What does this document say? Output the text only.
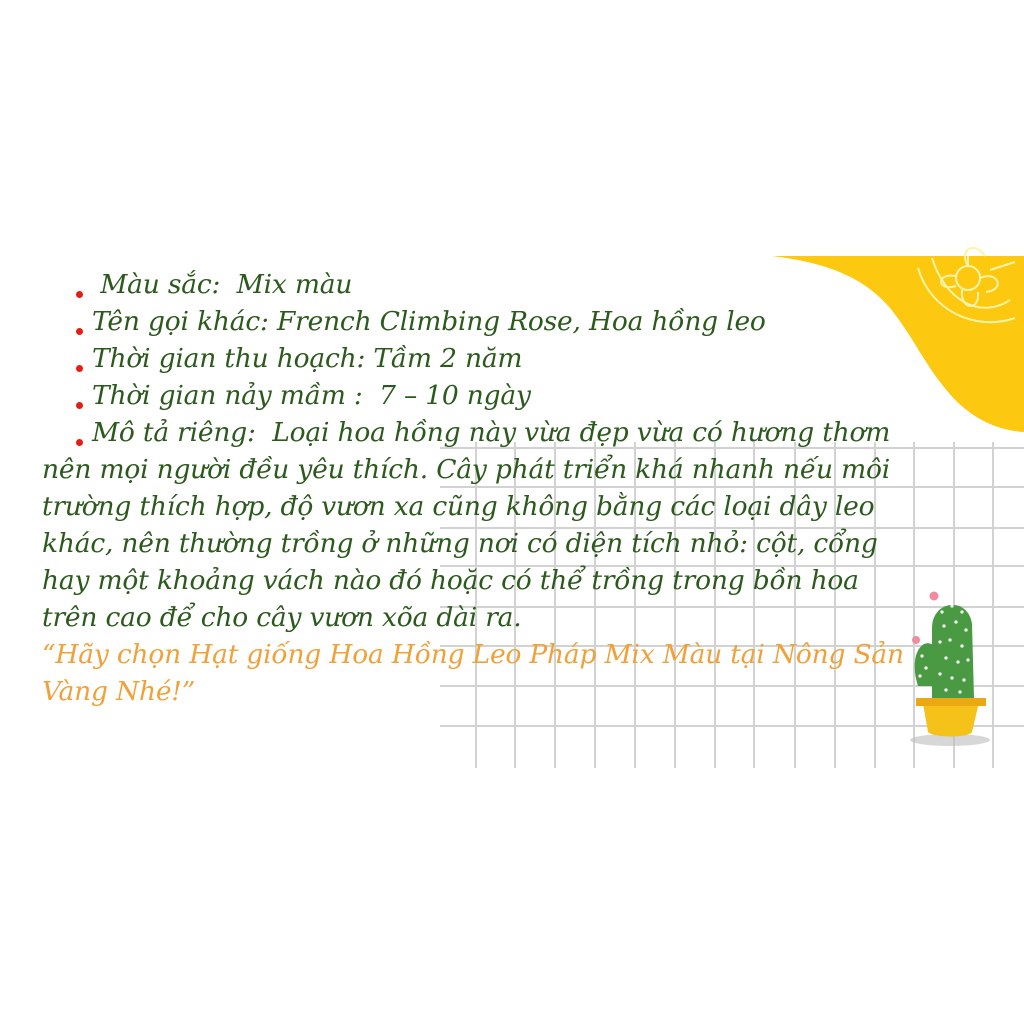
Màu sắc:  Mix màu
Tên gọi khác: French Climbing Rose, Hoa hồng leo
Thời gian thu hoạch: Tầm 2 năm
Thời gian nảy mầm :  7 – 10 ngày
Mô tả riêng:  Loại hoa hồng này vừa đẹp vừa có hương thơm
nên mọi người đều yêu thích. Cây phát triển khá nhanh nếu môi
trường thích hợp, độ vươn xa cũng không bằng các loại dây leo
khác, nên thường trồng ở những nơi có diện tích nhỏ: cột, cổng
hay một khoảng vách nào đó hoặc có thể trồng trong bồn hoa
trên cao để cho cây vươn xõa dài ra.
“Hãy chọn Hạt giống Hoa Hồng Leo Pháp Mix Màu tại Nông Sản
Vàng Nhé!”
